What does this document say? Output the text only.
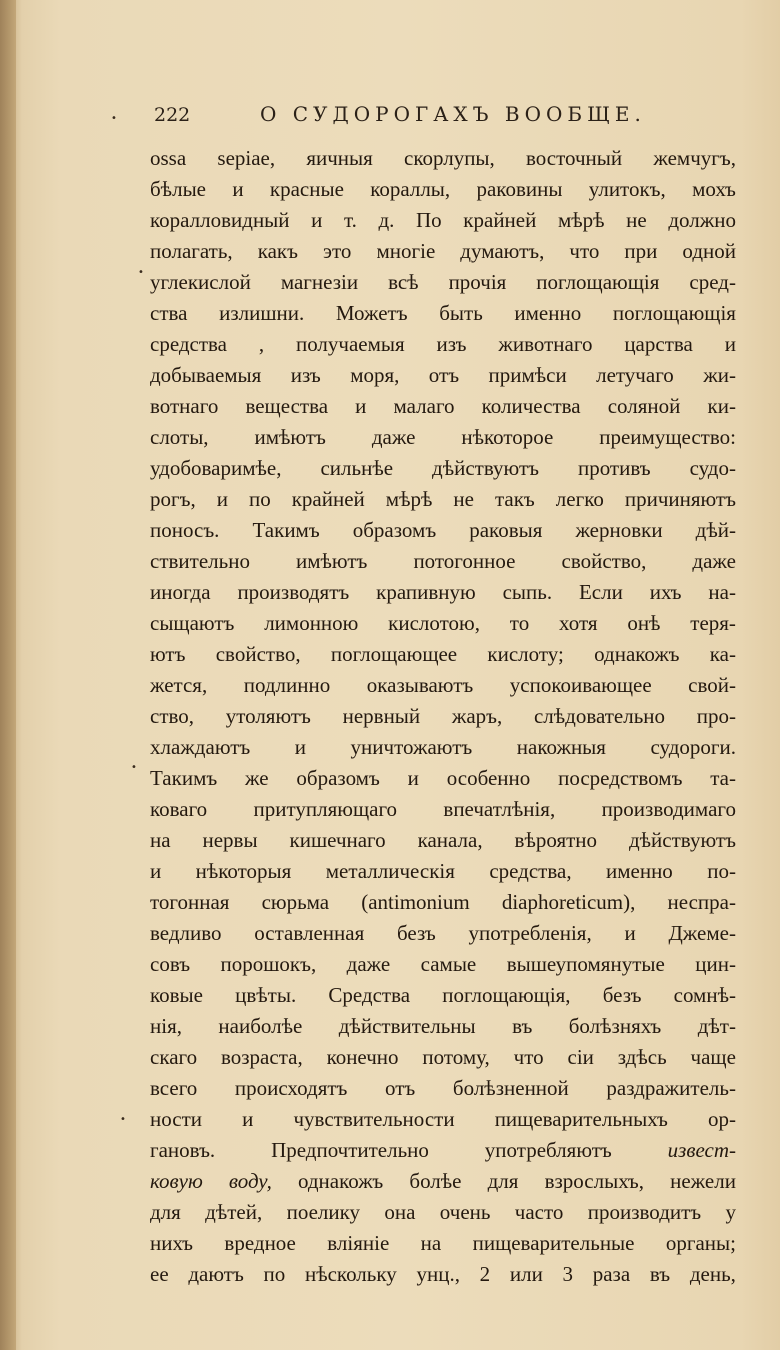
222	О СУДОРОГАХЪ ВООБЩЕ.
ossa sepiae, яичныя скорлупы, восточный жемчугъ,
бѣлые и красные кораллы, раковины улитокъ, мохъ
коралловидный и т. д. По крайней мѣрѣ не должно
полагать, какъ это многіе думаютъ, что при одной
углекислой магнезіи всѣ прочія поглощающія сред-
ства излишни. Можетъ быть именно поглощающія
средства , получаемыя изъ животнаго царства и
добываемыя изъ моря, отъ примѣси летучаго жи-
вотнаго вещества и малаго количества соляной ки-
слоты, имѣютъ даже нѣкоторое преимущество:
удобоваримѣе, сильнѣе дѣйствуютъ противъ судо-
рогъ, и по крайней мѣрѣ не такъ легко причиняютъ
поносъ. Такимъ образомъ раковыя жерновки дѣй-
ствительно имѣютъ потогонное свойство, даже
иногда производятъ крапивную сыпь. Если ихъ на-
сыщаютъ лимонною кислотою, то хотя онѣ теря-
ютъ свойство, поглощающее кислоту; однакожъ ка-
жется, подлинно оказываютъ успокоивающее свой-
ство, утоляютъ нервный жаръ, слѣдовательно про-
хлаждаютъ и уничтожаютъ накожныя судороги.
Такимъ же образомъ и особенно посредствомъ та-
коваго притупляющаго впечатлѣнія, производимаго
на нервы кишечнаго канала, вѣроятно дѣйствуютъ
и нѣкоторыя металлическія средства, именно по-
тогонная сюрьма (antimonium diaphoreticum), неспра-
ведливо оставленная безъ употребленія, и Джеме-
совъ порошокъ, даже самые вышеупомянутые цин-
ковые цвѣты. Средства поглощающія, безъ сомнѣ-
нія, наиболѣе дѣйствительны въ болѣзняхъ дѣт-
скаго возраста, конечно потому, что сіи здѣсь чаще
всего происходятъ отъ болѣзненной раздражитель-
ности и чувствительности пищеварительныхъ ор-
гановъ.	Предпочтительно	употребляютъ	извест-
ковую воду, однакожъ болѣе для взрослыхъ, нежели
для дѣтей, поелику она очень часто производитъ у
нихъ вредное вліяніе на пищеварительные органы;
ее даютъ по нѣскольку унц., 2 или 3 раза въ день,
•
•
•
•
